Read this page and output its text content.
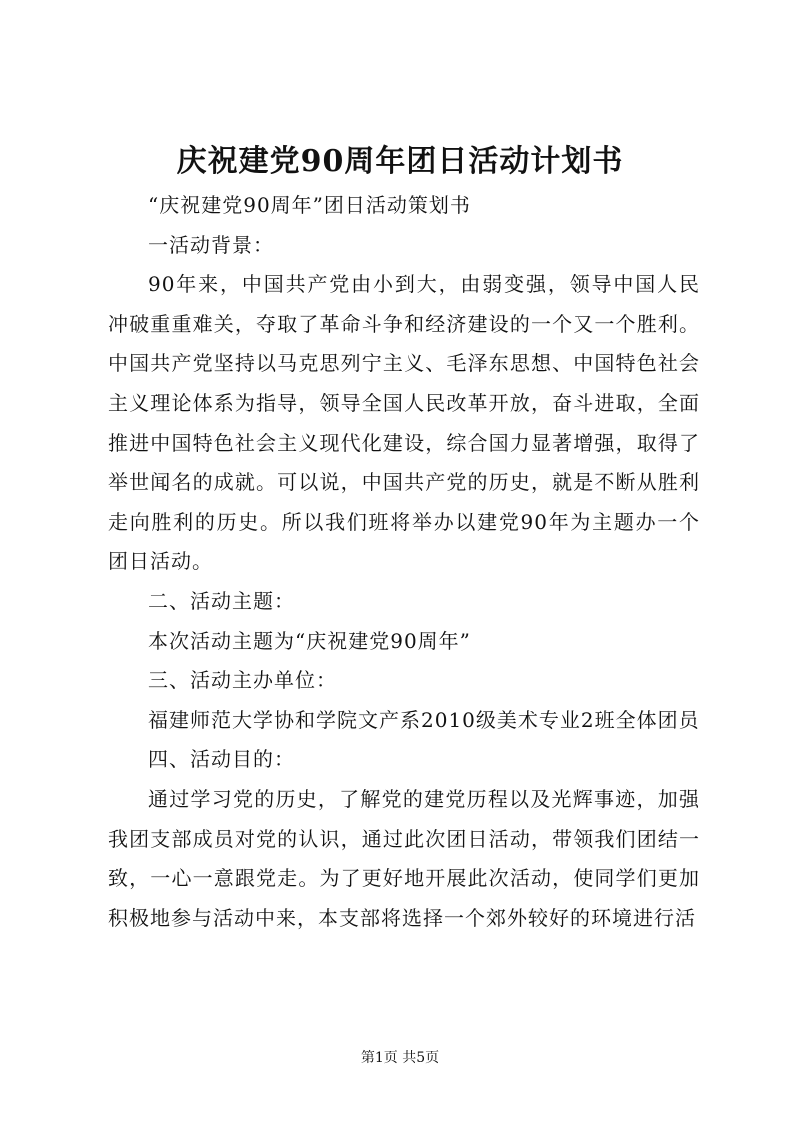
庆祝建党90周年团日活动计划书

“庆祝建党90周年”团日活动策划书

一活动背景：

90年来，中国共产党由小到大，由弱变强，领导中国人民冲破重重难关，夺取了革命斗争和经济建设的一个又一个胜利。中国共产党坚持以马克思列宁主义、毛泽东思想、中国特色社会主义理论体系为指导，领导全国人民改革开放，奋斗进取，全面推进中国特色社会主义现代化建设，综合国力显著增强，取得了举世闻名的成就。可以说，中国共产党的历史，就是不断从胜利走向胜利的历史。所以我们班将举办以建党90年为主题办一个团日活动。

二、活动主题：

本次活动主题为“庆祝建党90周年”

三、活动主办单位：

福建师范大学协和学院文产系2010级美术专业2班全体团员

四、活动目的：

通过学习党的历史，了解党的建党历程以及光辉事迹，加强我团支部成员对党的认识，通过此次团日活动，带领我们团结一致，一心一意跟党走。为了更好地开展此次活动，使同学们更加积极地参与活动中来，本支部将选择一个郊外较好的环境进行活

第1页 共5页
